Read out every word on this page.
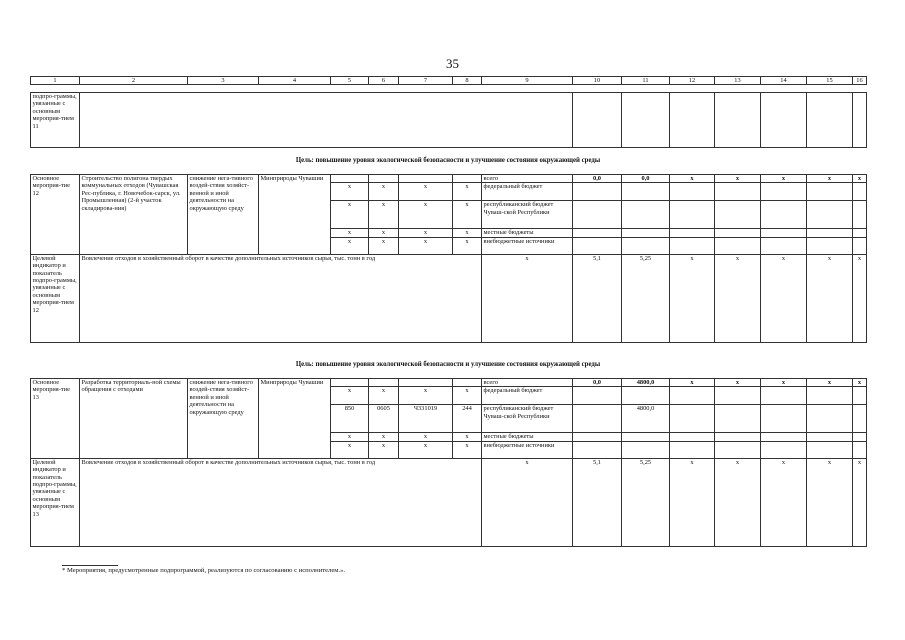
35
1	2	3	4	5	6	7	8	9	10	11	12	13	14	15	16
подпро-граммы, увязанные с основным мероприя-тием 11								
Цель: повышение уровня экологической безопасности и улучшение состояния окружающей среды
Основное мероприя-тие 12	Строительство полигона твердых коммунальных отходов (Чувашская Рес-публика, г. Новочебок-сарск, ул. Промышленная) (2-й участок складирова-ния)	снижение нега-тивного воздей-ствия хозяйст-венной и иной деятельности на окружающую среду	Минприроды Чувашии					всего	0,0	0,0	x	x	x	x	x
				x	x	x	x	федеральный бюджет							
				x	x	x	x	республиканский бюджет Чуваш-ской Республики							
				x	x	x	x	местные бюджеты							
				x	x	x	x	внебюджетные источники							
Целевой индикатор и показатель подпро-граммы, увязанные с основным мероприя-тием 12	Вовлечение отходов в хозяйственный оборот в качестве дополнительных источников сырья, тыс. тонн в год							x	5,1	5,25	x	x	x	x	x
Цель: повышение уровня экологической безопасности и улучшение состояния окружающей среды
Основное мероприя-тие 13	Разработка территориаль-ной схемы обращения с отходами	снижение нега-тивного воздей-ствия хозяйст-венной и иной деятельности на окружающую среду	Минприроды Чувашии					всего	0,0	4800,0	x	x	x	x	x
				x	x	x	x	федеральный бюджет							
				850	0605	Ч331019	244	республиканский бюджет Чуваш-ской Республики		4800,0					
				x	x	x	x	местные бюджеты							
				x	x	x	x	внебюджетные источники							
Целевой индикатор и показатель подпро-граммы, увязанные с основным мероприя-тием 13	Вовлечение отходов в хозяйственный оборот в качестве дополнительных источников сырья, тыс. тонн в год							x	5,1	5,25	x	x	x	x	x
* Мероприятия, предусмотренные подпрограммой, реализуются по согласованию с исполнителем.».
